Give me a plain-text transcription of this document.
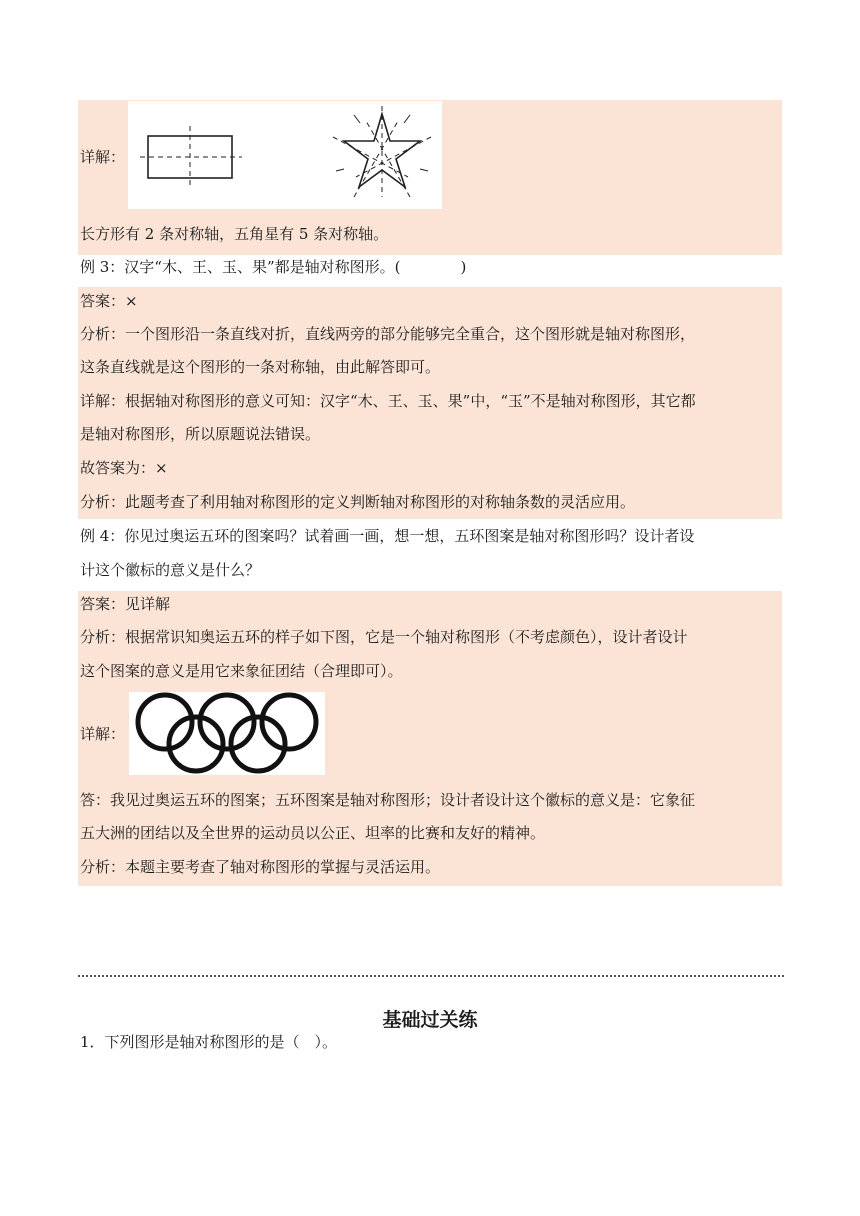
详解：
长方形有 2 条对称轴，五角星有 5 条对称轴。
例 3：汉字“木、王、玉、果”都是轴对称图形。(　　　　)
答案：×
分析：一个图形沿一条直线对折，直线两旁的部分能够完全重合，这个图形就是轴对称图形，
这条直线就是这个图形的一条对称轴，由此解答即可。
详解：根据轴对称图形的意义可知：汉字“木、王、玉、果”中，“玉”不是轴对称图形，其它都
是轴对称图形，所以原题说法错误。
故答案为：×
分析：此题考查了利用轴对称图形的定义判断轴对称图形的对称轴条数的灵活应用。
例 4：你见过奥运五环的图案吗？试着画一画，想一想，五环图案是轴对称图形吗？设计者设
计这个徽标的意义是什么？
答案：见详解
分析：根据常识知奥运五环的样子如下图，它是一个轴对称图形（不考虑颜色），设计者设计
这个图案的意义是用它来象征团结（合理即可）。
详解：
答：我见过奥运五环的图案；五环图案是轴对称图形；设计者设计这个徽标的意义是：它象征
五大洲的团结以及全世界的运动员以公正、坦率的比赛和友好的精神。
分析：本题主要考查了轴对称图形的掌握与灵活运用。
基础过关练
1．下列图形是轴对称图形的是（　）。
